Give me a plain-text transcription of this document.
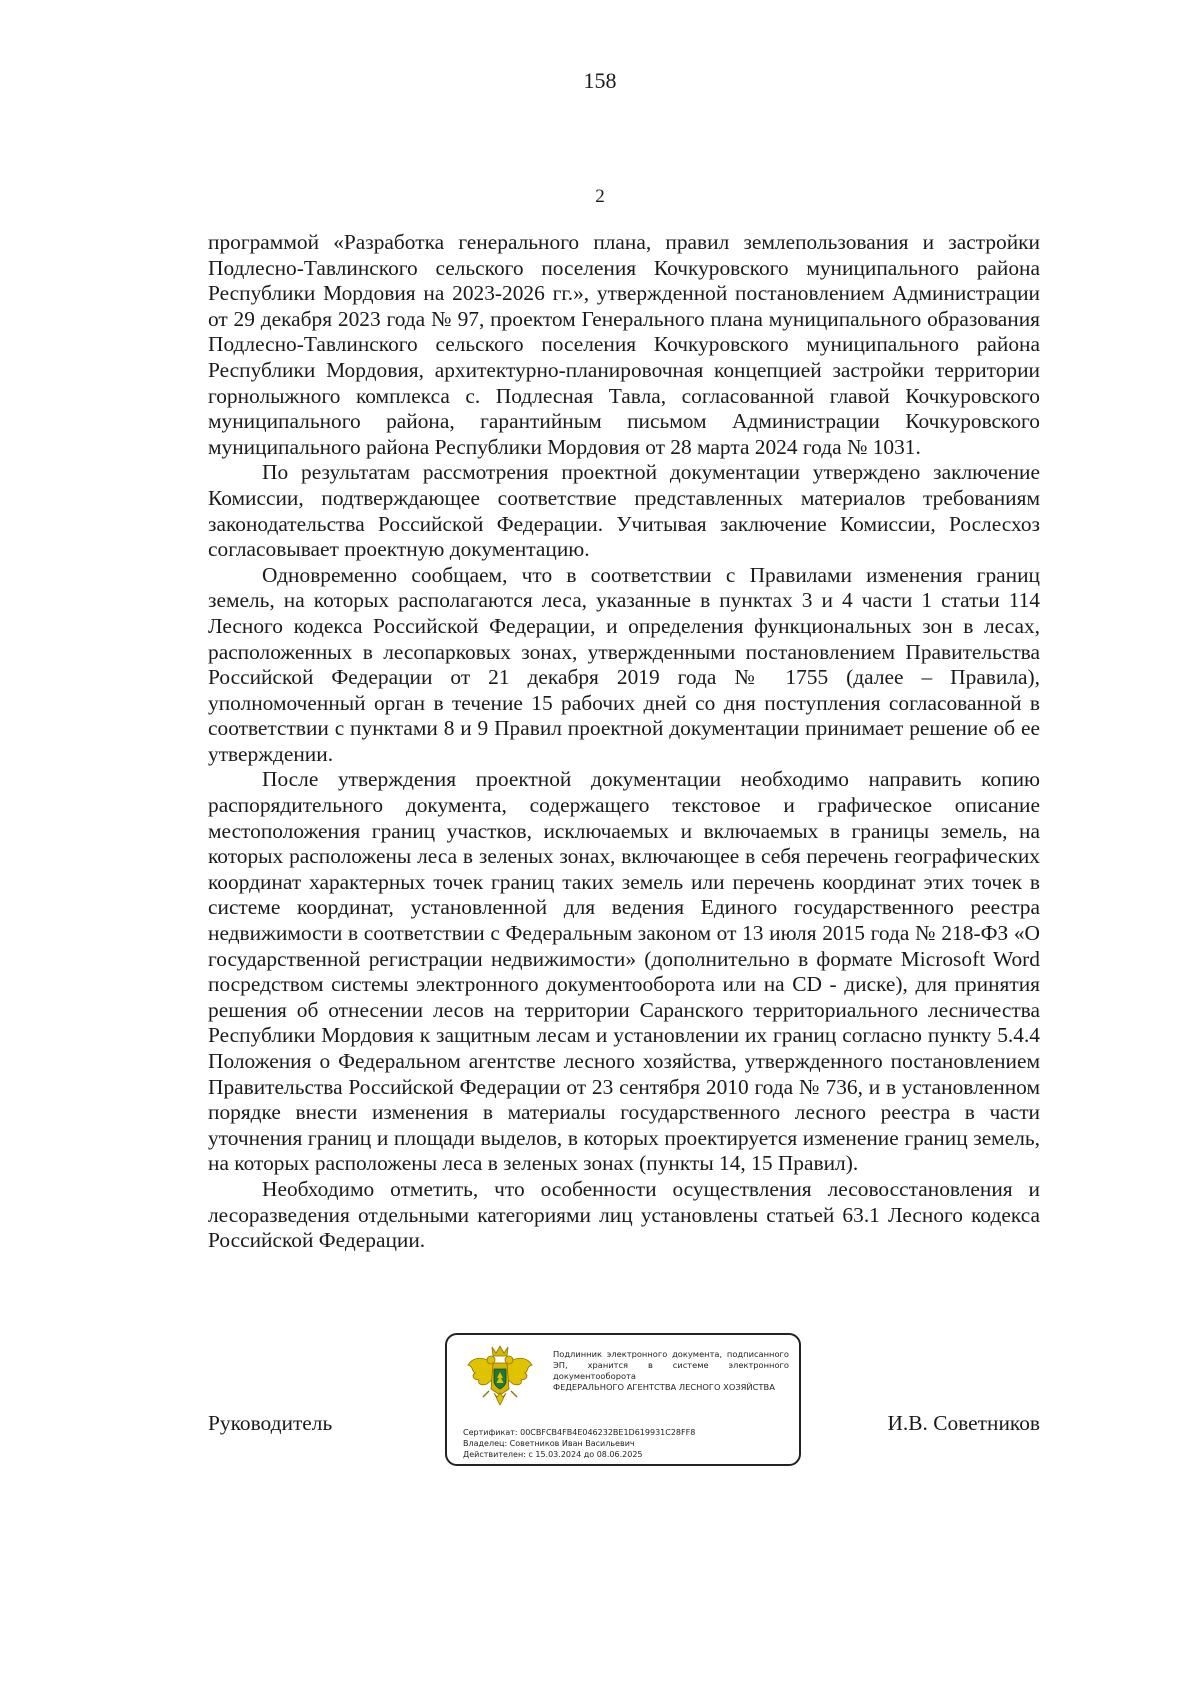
158
2

программой «Разработка генерального плана, правил землепользования и застройки Подлесно-Тавлинского сельского поселения Кочкуровского муниципального района Республики Мордовия на 2023-2026 гг.», утвержденной постановлением Администрации от 29 декабря 2023 года № 97, проектом Генерального плана муниципального образования Подлесно-Тавлинского сельского поселения Кочкуровского муниципального района Республики Мордовия, архитектурно-планировочная концепцией застройки территории горнолыжного комплекса с. Подлесная Тавла, согласованной главой Кочкуровского муниципального района, гарантийным письмом Администрации Кочкуровского муниципального района Республики Мордовия от 28 марта 2024 года № 1031.

По результатам рассмотрения проектной документации утверждено заключение Комиссии, подтверждающее соответствие представленных материалов требованиям законодательства Российской Федерации. Учитывая заключение Комиссии, Рослесхоз согласовывает проектную документацию.

Одновременно сообщаем, что в соответствии с Правилами изменения границ земель, на которых располагаются леса, указанные в пунктах 3 и 4 части 1 статьи 114 Лесного кодекса Российской Федерации, и определения функциональных зон в лесах, расположенных в лесопарковых зонах, утвержденными постановлением Правительства Российской Федерации от 21 декабря 2019 года № 1755 (далее – Правила), уполномоченный орган в течение 15 рабочих дней со дня поступления согласованной в соответствии с пунктами 8 и 9 Правил проектной документации принимает решение об ее утверждении.

После утверждения проектной документации необходимо направить копию распорядительного документа, содержащего текстовое и графическое описание местоположения границ участков, исключаемых и включаемых в границы земель, на которых расположены леса в зеленых зонах, включающее в себя перечень географических координат характерных точек границ таких земель или перечень координат этих точек в системе координат, установленной для ведения Единого государственного реестра недвижимости в соответствии с Федеральным законом от 13 июля 2015 года № 218-ФЗ «О государственной регистрации недвижимости» (дополнительно в формате Microsoft Word посредством системы электронного документооборота или на CD - диске), для принятия решения об отнесении лесов на территории Саранского территориального лесничества Республики Мордовия к защитным лесам и установлении их границ согласно пункту 5.4.4 Положения о Федеральном агентстве лесного хозяйства, утвержденного постановлением Правительства Российской Федерации от 23 сентября 2010 года № 736, и в установленном порядке внести изменения в материалы государственного лесного реестра в части уточнения границ и площади выделов, в которых проектируется изменение границ земель, на которых расположены леса в зеленых зонах (пункты 14, 15 Правил).

Необходимо отметить, что особенности осуществления лесовосстановления и лесоразведения отдельными категориями лиц установлены статьей 63.1 Лесного кодекса Российской Федерации.

Руководитель	И.В. Советников
Подлинник электронного документа, подписанного ЭП, хранится в системе электронного документооборота
ФЕДЕРАЛЬНОГО АГЕНТСТВА ЛЕСНОГО ХОЗЯЙСТВА
Сертификат: 00CBFCB4FB4E046232BE1D619931C28FF8
Владелец: Советников Иван Васильевич
Действителен: с 15.03.2024 до 08.06.2025
